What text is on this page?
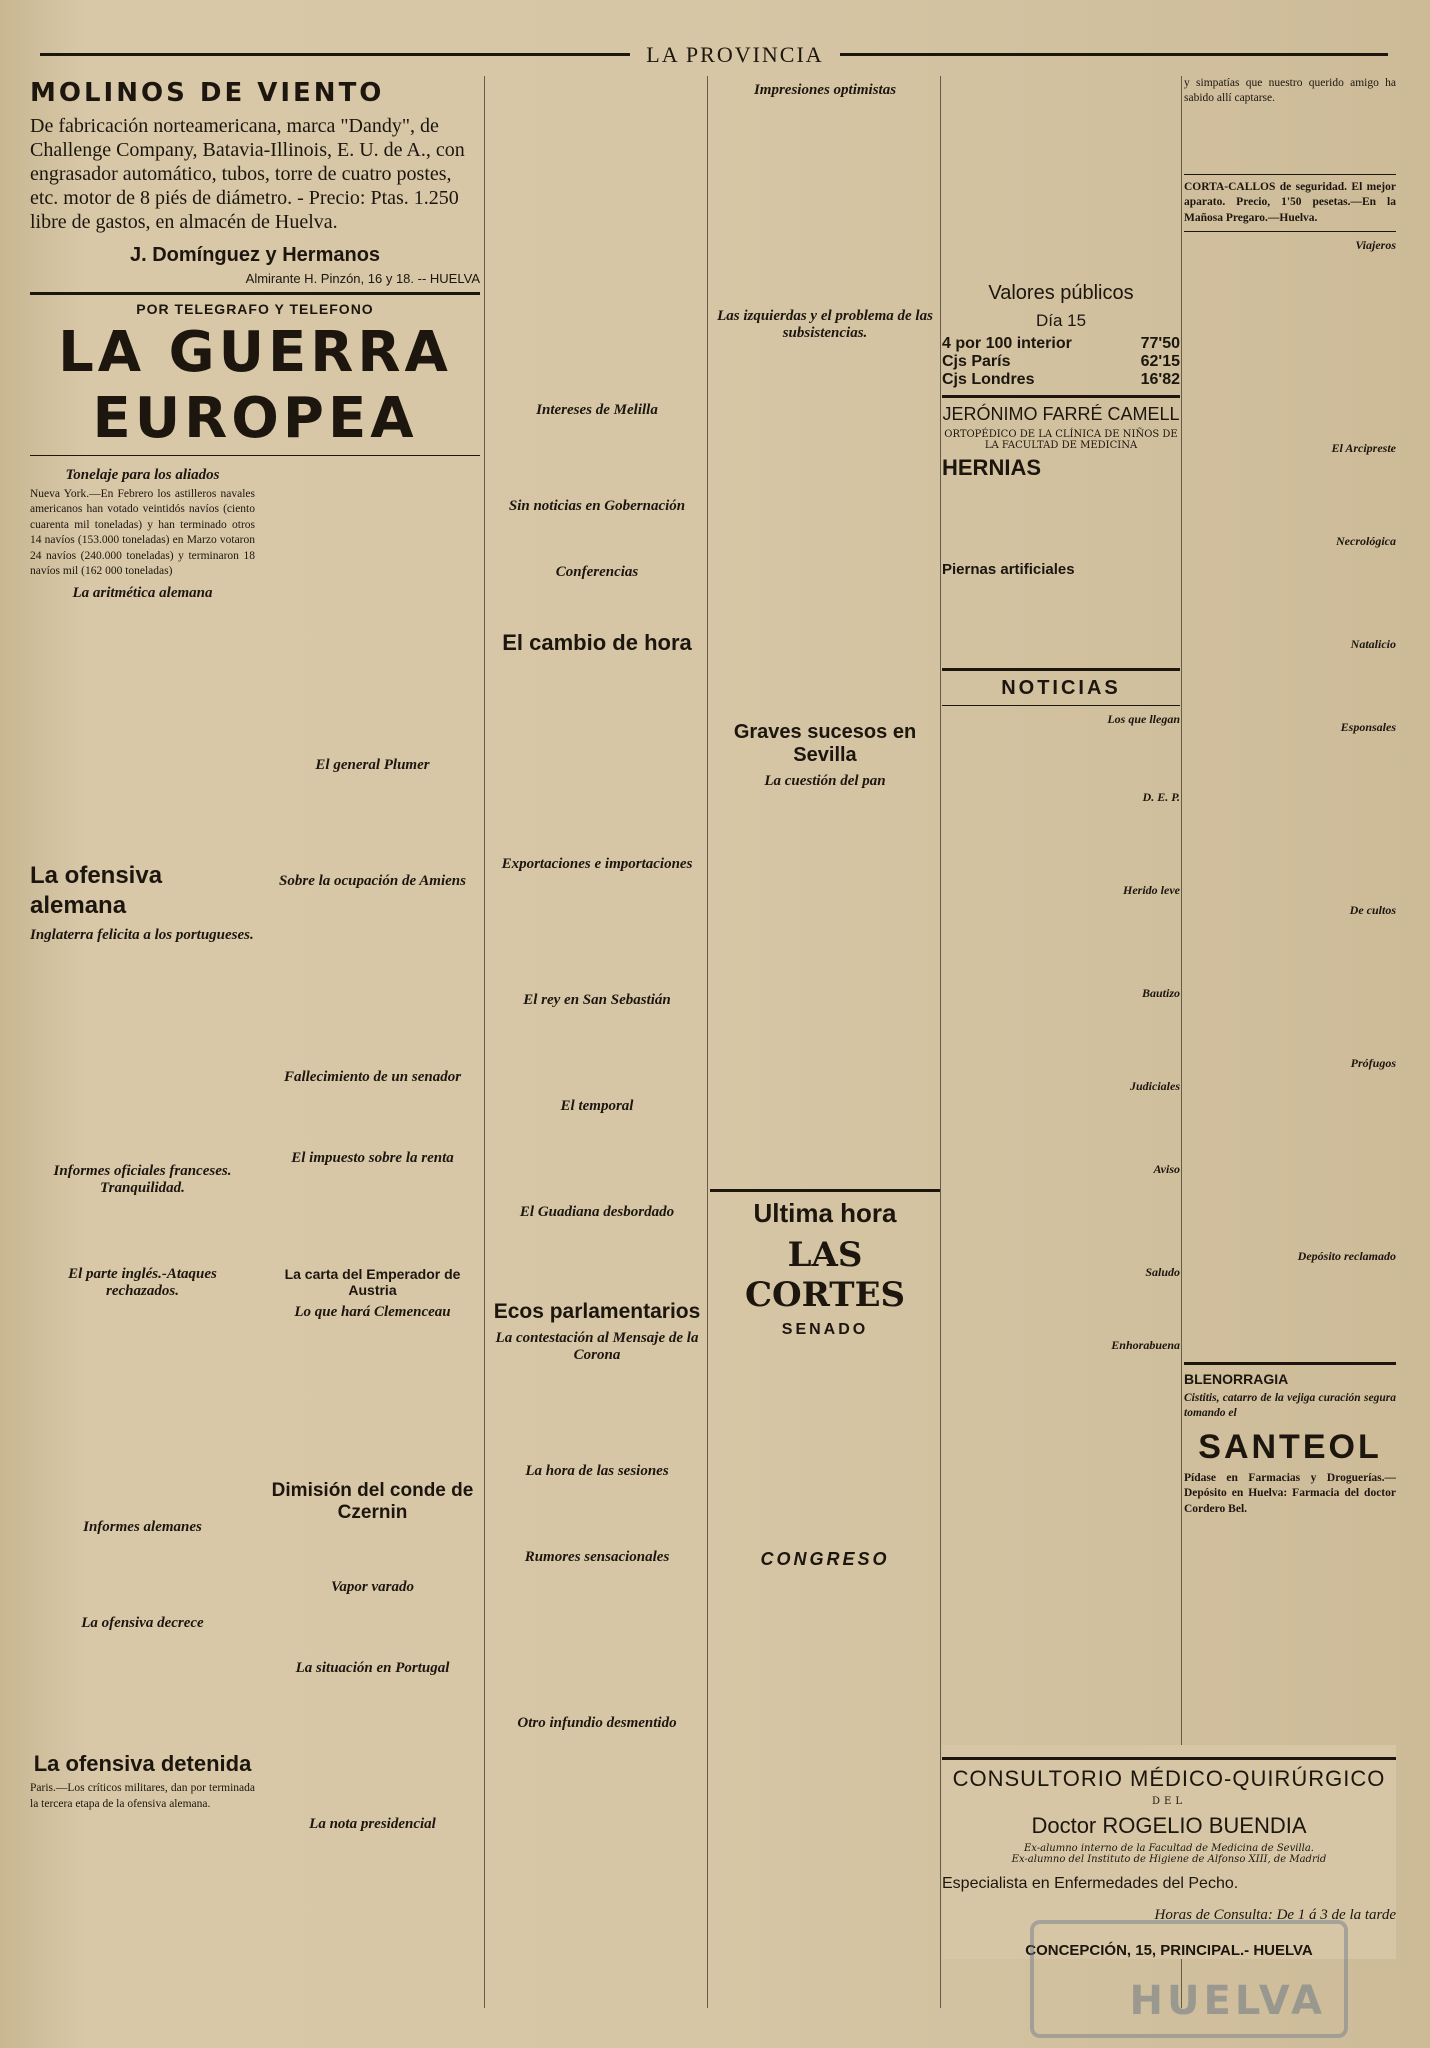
LA PROVINCIA
MOLINOS DE VIENTO
De fabricación norteamericana, marca "Dandy", de Challenge Company, Batavia-Illinois, E. U. de A., con engrasador automático, tubos, torre de cuatro postes, etc. motor de 8 piés de diámetro. - Precio: Ptas. 1.250 libre de gastos, en almacén de Huelva.
J. Domínguez y Hermanos
Almirante H. Pinzón, 16 y 18. -- HUELVA
POR TELEGRAFO Y TELEFONO
LA GUERRA
EUROPEA
Tonelaje para los aliados

Nueva York.—En Febrero los astilleros navales americanos han votado veintidós navíos (ciento cuarenta mil toneladas) y han terminado otros 14 navíos (153.000 toneladas) en Marzo votaron 24 navíos (240.000 toneladas) y terminaron 18 navíos mil (162 000 toneladas)

La aritmética alemana
La ofensiva alemana
Inglaterra felicita a los portugueses.
Informes oficiales franceses. Tranquilidad.
El parte inglés.-Ataques rechazados.
Informes alemanes
La ofensiva decrece
La ofensiva detenida

Paris.—Los críticos militares, dan por terminada la tercera etapa de la ofensiva alemana.

El general Plumer
Sobre la ocupación de Amiens
Fallecimiento de un senador
El impuesto sobre la renta
La carta del Emperador de Austria
Lo que hará Clemenceau
Dimisión del conde de Czernin
Vapor varado
La situación en Portugal
La nota presidencial
Intereses de Melilla
Sin noticias en Gobernación
Conferencias
El cambio de hora
Exportaciones e importaciones
El rey en San Sebastián
El temporal
El Guadiana desbordado
Ecos parlamentarios
La contestación al Mensaje de la Corona
La hora de las sesiones
Rumores sensacionales
Otro infundio desmentido
Impresiones optimistas
Las izquierdas y el problema de las subsistencias.
Graves sucesos en Sevilla
La cuestión del pan
Ultima hora
LAS CORTES
SENADO
CONGRESO
Valores públicos
Día 15
4 por 100 interior	77'50
Cjs París	62'15
Cjs Londres	16'82
JERÓNIMO FARRÉ CAMELL
ORTOPÉDICO DE LA CLÍNICA DE NIÑOS DE LA FACULTAD DE MEDICINA
HERNIAS
Piernas artificiales
NOTICIAS
Los que llegan
D. E. P.
Herido leve
Bautizo
Judiciales
Aviso
Saludo
Enhorabuena

y simpatías que nuestro querido amigo ha sabido allí captarse.

CORTA-CALLOS de seguridad. El mejor aparato. Precio, 1'50 pesetas.—En la Mañosa Pregaro.—Huelva.

Viajeros
El Arcipreste
Necrológica
Natalicio
Esponsales
De cultos
Prófugos
Depósito reclamado
BLENORRAGIA

Cistitis, catarro de la vejiga curación segura tomando el

SANTEOL

Pídase en Farmacias y Droguerías.—Depósito en Huelva: Farmacia del doctor Cordero Bel.

CONSULTORIO MÉDICO-QUIRÚRGICO
DEL
Doctor ROGELIO BUENDIA
Ex-alumno interno de la Facultad de Medicina de Sevilla.
Ex-alumno del Instituto de Higiene de Alfonso XIII, de Madrid
Especialista en Enfermedades del Pecho.
Horas de Consulta: De 1 á 3 de la tarde
CONCEPCIÓN, 15, PRINCIPAL.- HUELVA
HUELVA
